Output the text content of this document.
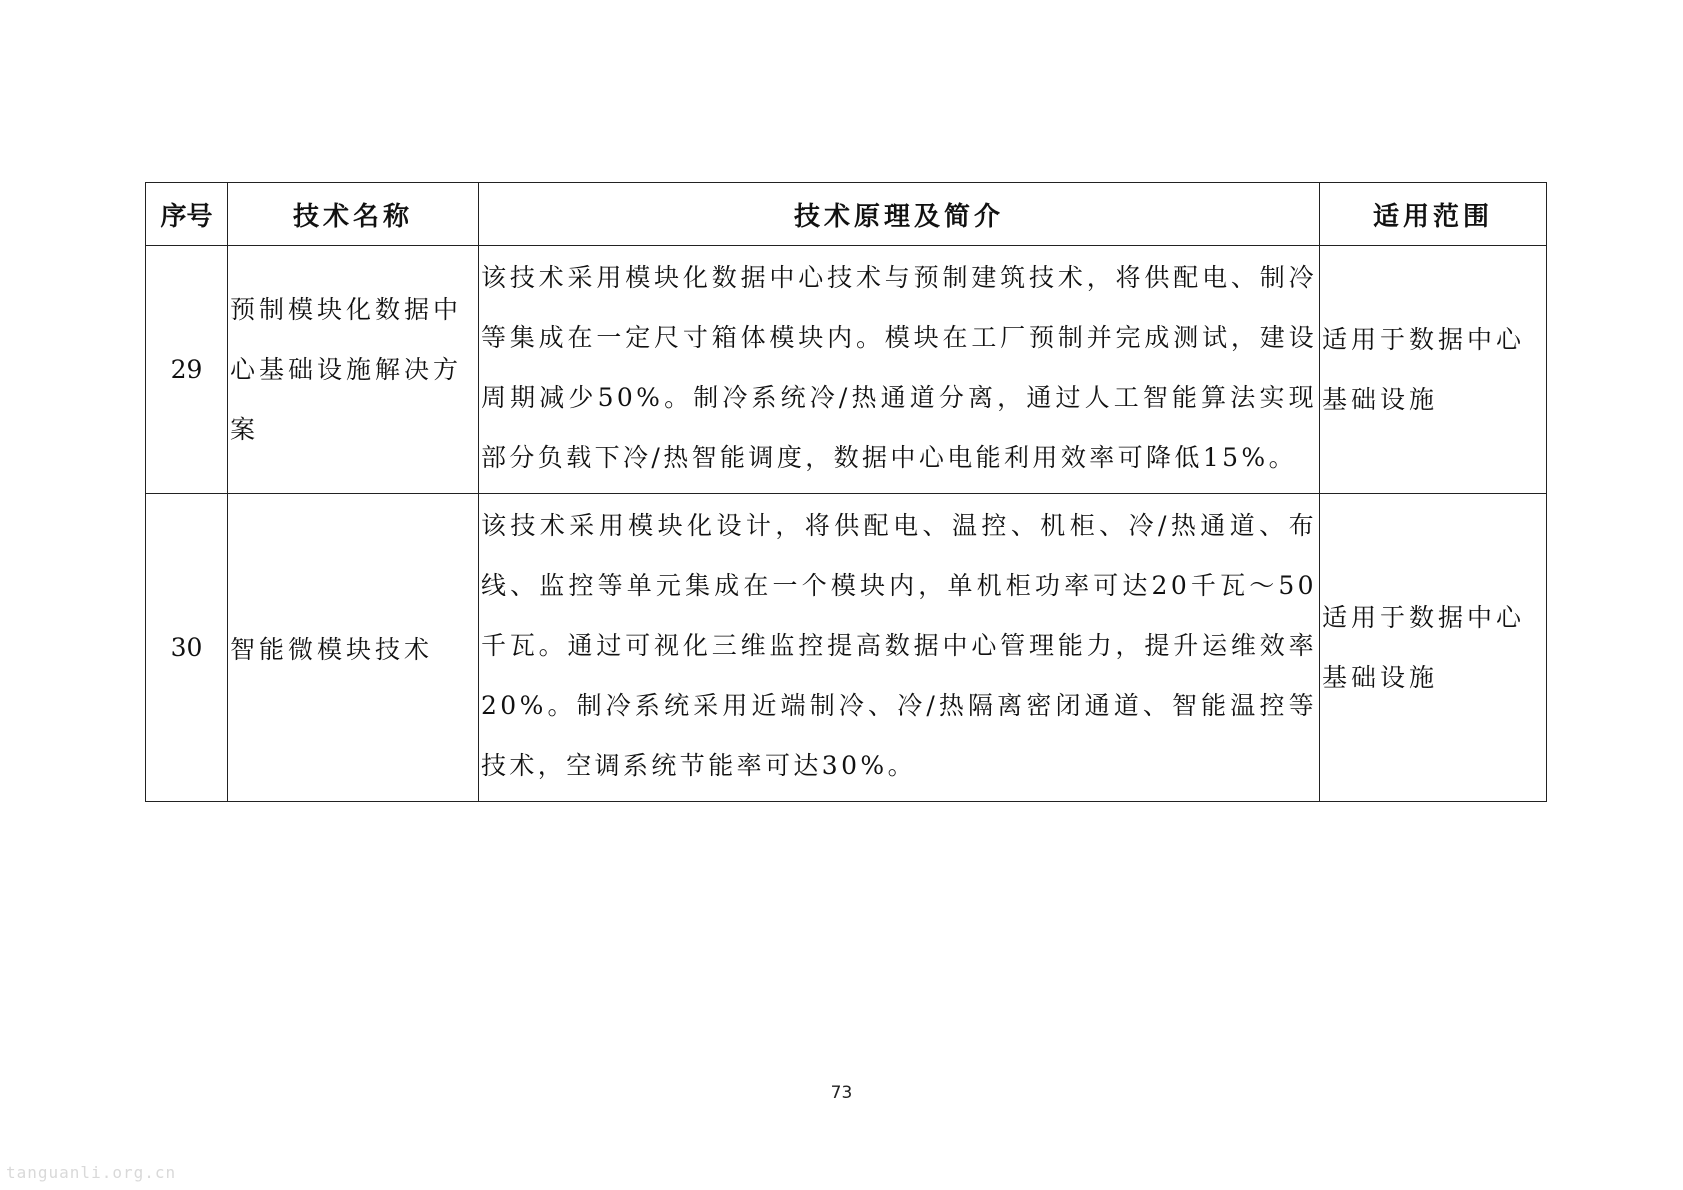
序号	技术名称	技术原理及简介	适用范围
29	预制模块化数据中心基础设施解决方案	该技术采用模块化数据中心技术与预制建筑技术，将供配电、制冷等集成在一定尺寸箱体模块内。模块在工厂预制并完成测试，建设周期减少50%。制冷系统冷/热通道分离，通过人工智能算法实现部分负载下冷/热智能调度，数据中心电能利用效率可降低15%。	适用于数据中心基础设施
30	智能微模块技术	该技术采用模块化设计，将供配电、温控、机柜、冷/热通道、布线、监控等单元集成在一个模块内，单机柜功率可达20千瓦～50千瓦。通过可视化三维监控提高数据中心管理能力，提升运维效率20%。制冷系统采用近端制冷、冷/热隔离密闭通道、智能温控等技术，空调系统节能率可达30%。	适用于数据中心基础设施
73
tanguanli.org.cn
